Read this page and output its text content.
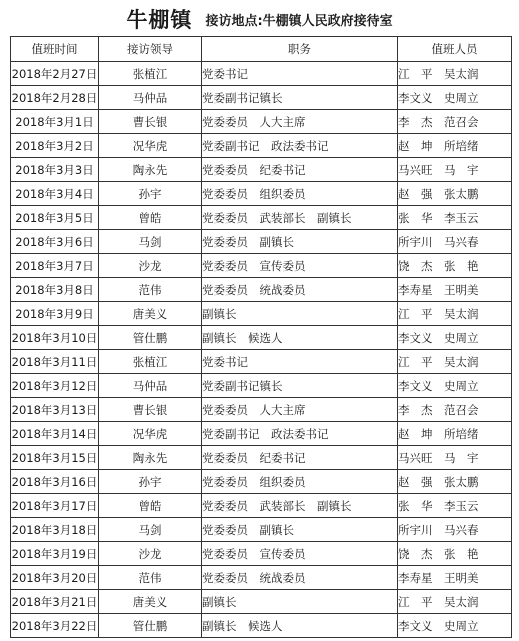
牛棚镇 接访地点:牛棚镇人民政府接待室
值班时间	接访领导	职务	值班人员
2018年2月27日	张植江	党委书记	江　平　吴太润
2018年2月28日	马仲品	党委副书记镇长	李文义　史周立
2018年3月1日	曹长银	党委委员　人大主席	李　杰　范召会
2018年3月2日	况华虎	党委副书记　政法委书记	赵　坤　所培绪
2018年3月3日	陶永先	党委委员　纪委书记	马兴旺　马　宇
2018年3月4日	孙宇	党委委员　组织委员	赵　强　张太鹏
2018年3月5日	曾皓	党委委员　武装部长　副镇长	张　华　李玉云
2018年3月6日	马剑	党委委员　副镇长	所宇川　马兴春
2018年3月7日	沙龙	党委委员　宣传委员	饶　杰　张　艳
2018年3月8日	范伟	党委委员　统战委员	李寿星　王明美
2018年3月9日	唐美义	副镇长	江　平　吴太润
2018年3月10日	管仕鹏	副镇长　候选人	李文义　史周立
2018年3月11日	张植江	党委书记	江　平　吴太润
2018年3月12日	马仲品	党委副书记镇长	李文义　史周立
2018年3月13日	曹长银	党委委员　人大主席	李　杰　范召会
2018年3月14日	况华虎	党委副书记　政法委书记	赵　坤　所培绪
2018年3月15日	陶永先	党委委员　纪委书记	马兴旺　马　宇
2018年3月16日	孙宇	党委委员　组织委员	赵　强　张太鹏
2018年3月17日	曾皓	党委委员　武装部长　副镇长	张　华　李玉云
2018年3月18日	马剑	党委委员　副镇长	所宇川　马兴春
2018年3月19日	沙龙	党委委员　宣传委员	饶　杰　张　艳
2018年3月20日	范伟	党委委员　统战委员	李寿星　王明美
2018年3月21日	唐美义	副镇长	江　平　吴太润
2018年3月22日	管仕鹏	副镇长　候选人	李文义　史周立
